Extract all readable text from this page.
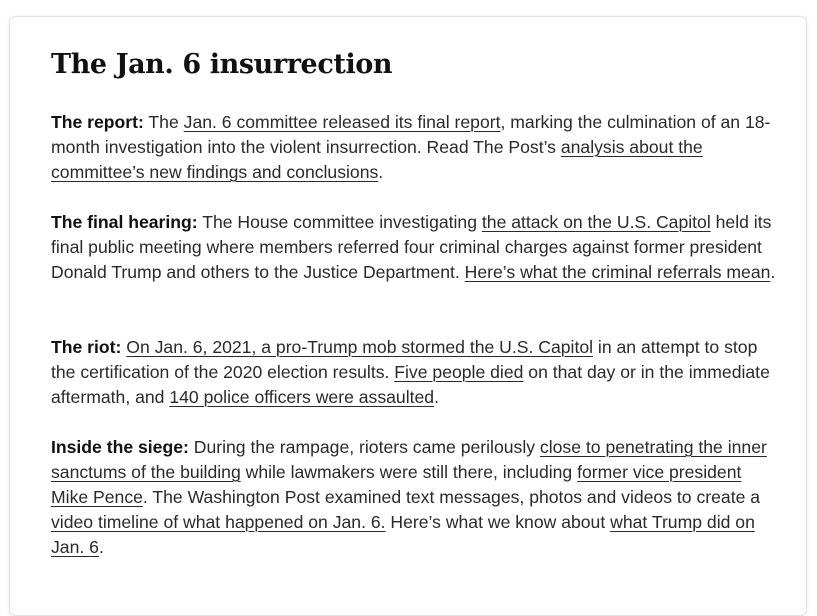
The Jan. 6 insurrection

The report: The Jan. 6 committee released its final report, marking the culmination of an 18-month investigation into the violent insurrection. Read The Post’s analysis about the committee’s new findings and conclusions.

The final hearing: The House committee investigating the attack on the U.S. Capitol held its final public meeting where members referred four criminal charges against former president Donald Trump and others to the Justice Department. Here’s what the criminal referrals mean.

The riot: On Jan. 6, 2021, a pro-Trump mob stormed the U.S. Capitol in an attempt to stop the certification of the 2020 election results. Five people died on that day or in the immediate aftermath, and 140 police officers were assaulted.

Inside the siege: During the rampage, rioters came perilously close to penetrating the inner sanctums of the building while lawmakers were still there, including former vice president Mike Pence. The Washington Post examined text messages, photos and videos to create a video timeline of what happened on Jan. 6. Here’s what we know about what Trump did on Jan. 6.
